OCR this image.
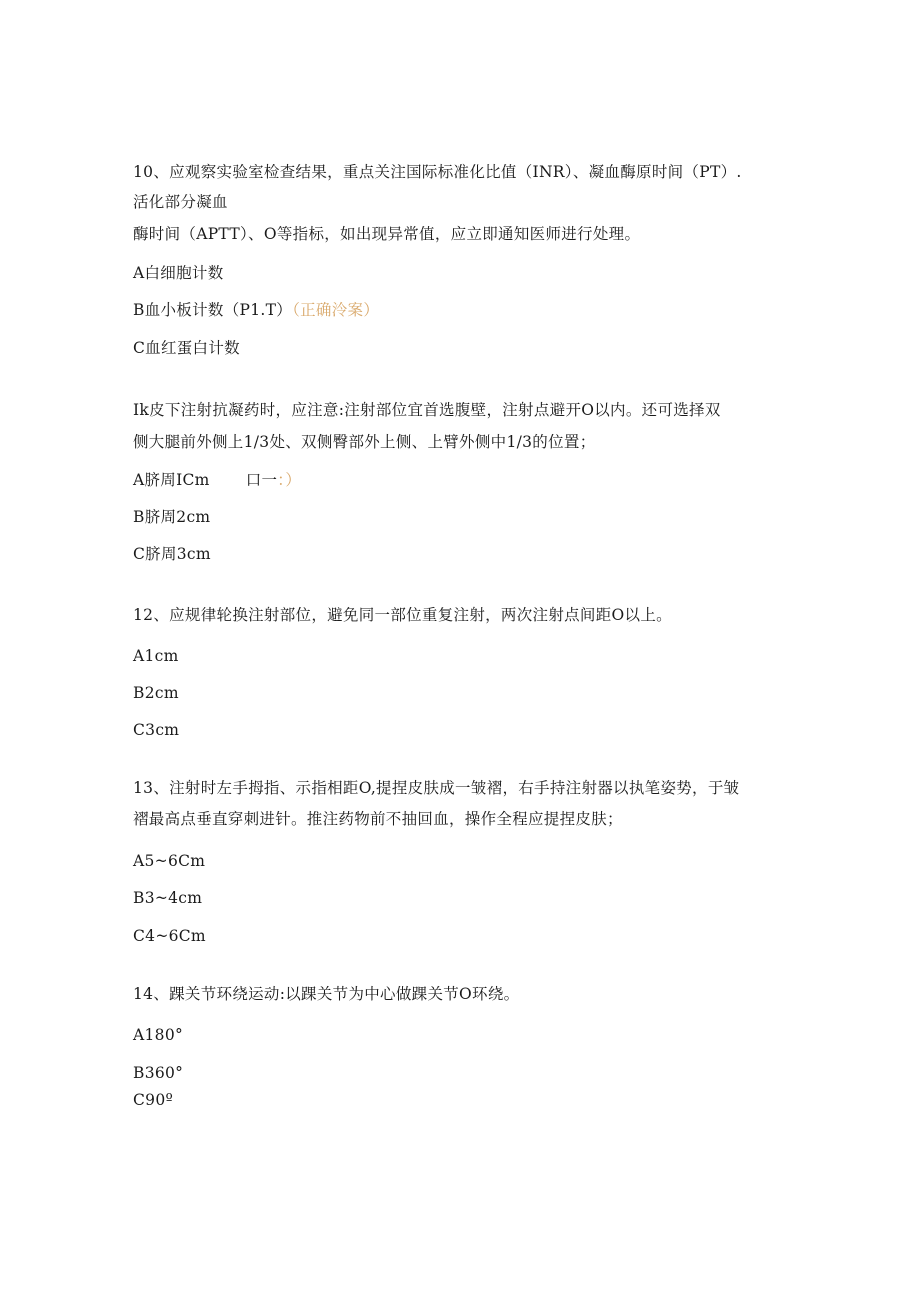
10、应观察实验室检查结果，重点关注国际标准化比值（INR）、凝血酶原时间（PT）.
活化部分凝血
酶时间（APTT）、O等指标，如出现异常值，应立即通知医师进行处理。
A白细胞计数
B血小板计数（P1.T）（正确泠案）
C血红蛋白计数
Ik皮下注射抗凝药时，应注意:注射部位宜首选腹壁，注射点避开O以内。还可选择双
侧大腿前外侧上1/3处、双侧臀部外上侧、上臂外侧中1/3的位置；
A脐周ICm 口一：）
B脐周2cm
C脐周3cm
12、应规律轮换注射部位，避免同一部位重复注射，两次注射点间距O以上。
A1cm
B2cm
C3cm
13、注射时左手拇指、示指相距O,提捏皮肤成一皱褶，右手持注射器以执笔姿势，于皱
褶最高点垂直穿刺进针。推注药物前不抽回血，操作全程应提捏皮肤；
A5~6Cm
B3~4cm
C4~6Cm
14、踝关节环绕运动:以踝关节为中心做踝关节O环绕。
A180°
B360°
C90º
